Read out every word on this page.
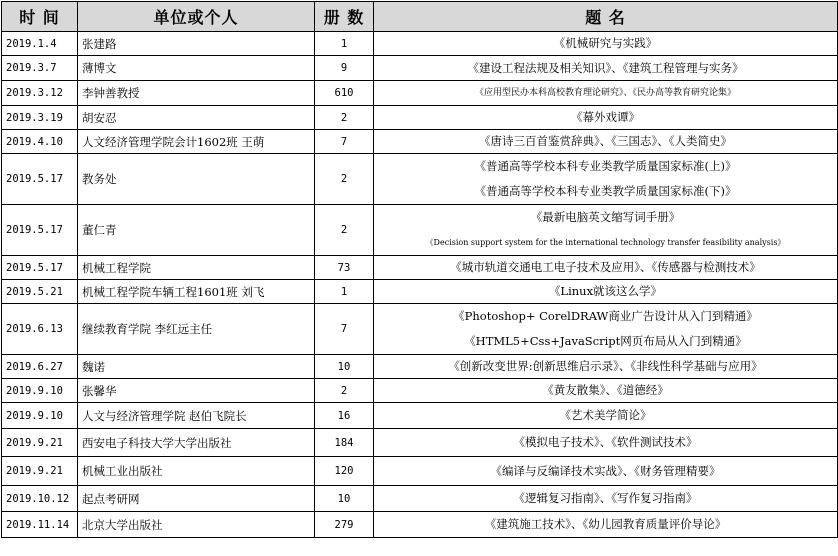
时 间	单位或个人	册 数	题 名
2019.1.4	张建路	1	《机械研究与实践》

2019.3.7	薄博文	9	《建设工程法规及相关知识》、《建筑工程管理与实务》

2019.3.12	李钟善教授	610	《应用型民办本科高校教育理论研究》、《民办高等教育研究论集》

2019.3.19	胡安忍	2	《幕外戏谭》

2019.4.10	人文经济管理学院会计1602班 王萌	7	《唐诗三百首鉴赏辞典》、《三国志》、《人类简史》

2019.5.17	教务处	2	《普通高等学校本科专业类教学质量国家标准(上)》
《普通高等学校本科专业类教学质量国家标准(下)》

2019.5.17	董仁青	2	《最新电脑英文缩写词手册》
《Decision support system for the international technology transfer feasibility analysis》

2019.5.17	机械工程学院	73	《城市轨道交通电工电子技术及应用》、《传感器与检测技术》

2019.5.21	机械工程学院车辆工程1601班 刘飞	1	《Linux就该这么学》

2019.6.13	继续教育学院 李红远主任	7	《Photoshop+ CorelDRAW商业广告设计从入门到精通》
《HTML5+Css+JavaScript网页布局从入门到精通》

2019.6.27	魏诺	10	《创新改变世界:创新思维启示录》、《非线性科学基础与应用》

2019.9.10	张馨华	2	《黄友散集》、《道德经》

2019.9.10	人文与经济管理学院 赵伯飞院长	16	《艺术美学简论》

2019.9.21	西安电子科技大学大学出版社	184	《模拟电子技术》、《软件测试技术》

2019.9.21	机械工业出版社	120	《编译与反编译技术实战》、《财务管理精要》

2019.10.12	起点考研网	10	《逻辑复习指南》、《写作复习指南》

2019.11.14	北京大学出版社	279	《建筑施工技术》、《幼儿园教育质量评价导论》
